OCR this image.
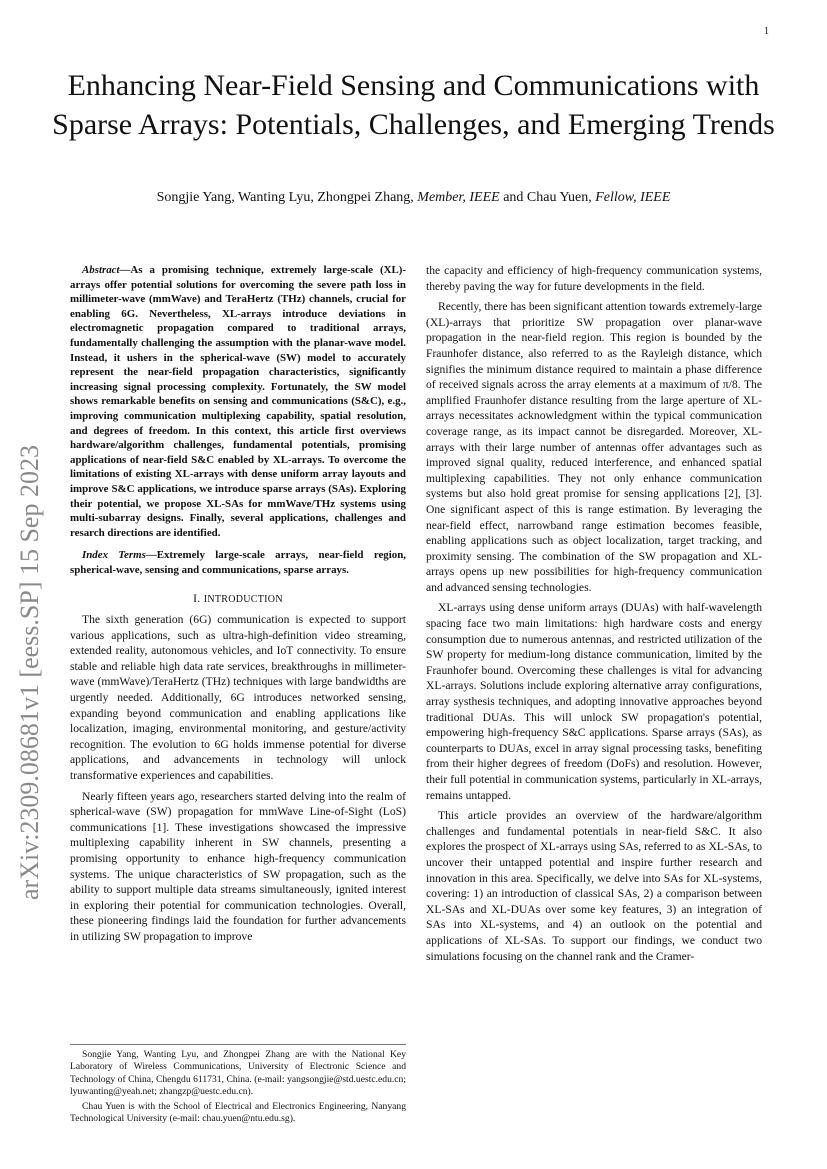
1
arXiv:2309.08681v1 [eess.SP] 15 Sep 2023
Enhancing Near-Field Sensing and Communications with Sparse Arrays: Potentials, Challenges, and Emerging Trends

Songjie Yang, Wanting Lyu, Zhongpei Zhang, Member, IEEE and Chau Yuen, Fellow, IEEE

Abstract—As a promising technique, extremely large-scale (XL)-arrays offer potential solutions for overcoming the severe path loss in millimeter-wave (mmWave) and TeraHertz (THz) channels, crucial for enabling 6G. Nevertheless, XL-arrays introduce deviations in electromagnetic propagation compared to traditional arrays, fundamentally challenging the assumption with the planar-wave model. Instead, it ushers in the spherical-wave (SW) model to accurately represent the near-field propagation characteristics, significantly increasing signal processing complexity. Fortunately, the SW model shows remarkable benefits on sensing and communications (S&C), e.g., improving communication multiplexing capability, spatial resolution, and degrees of freedom. In this context, this article first overviews hardware/algorithm challenges, fundamental potentials, promising applications of near-field S&C enabled by XL-arrays. To overcome the limitations of existing XL-arrays with dense uniform array layouts and improve S&C applications, we introduce sparse arrays (SAs). Exploring their potential, we propose XL-SAs for mmWave/THz systems using multi-subarray designs. Finally, several applications, challenges and resarch directions are identified.

Index Terms—Extremely large-scale arrays, near-field region, spherical-wave, sensing and communications, sparse arrays.

I. INTRODUCTION

The sixth generation (6G) communication is expected to support various applications, such as ultra-high-definition video streaming, extended reality, autonomous vehicles, and IoT connectivity. To ensure stable and reliable high data rate services, breakthroughs in millimeter-wave (mmWave)/TeraHertz (THz) techniques with large bandwidths are urgently needed. Additionally, 6G introduces networked sensing, expanding beyond communication and enabling applications like localization, imaging, environmental monitoring, and gesture/activity recognition. The evolution to 6G holds immense potential for diverse applications, and advancements in technology will unlock transformative experiences and capabilities.

Nearly fifteen years ago, researchers started delving into the realm of spherical-wave (SW) propagation for mmWave Line-of-Sight (LoS) communications [1]. These investigations showcased the impressive multiplexing capability inherent in SW channels, presenting a promising opportunity to enhance high-frequency communication systems. The unique characteristics of SW propagation, such as the ability to support multiple data streams simultaneously, ignited interest in exploring their potential for communication technologies. Overall, these pioneering findings laid the foundation for further advancements in utilizing SW propagation to improve

the capacity and efficiency of high-frequency communication systems, thereby paving the way for future developments in the field.

Recently, there has been significant attention towards extremely-large (XL)-arrays that prioritize SW propagation over planar-wave propagation in the near-field region. This region is bounded by the Fraunhofer distance, also referred to as the Rayleigh distance, which signifies the minimum distance required to maintain a phase difference of received signals across the array elements at a maximum of π/8. The amplified Fraunhofer distance resulting from the large aperture of XL-arrays necessitates acknowledgment within the typical communication coverage range, as its impact cannot be disregarded. Moreover, XL-arrays with their large number of antennas offer advantages such as improved signal quality, reduced interference, and enhanced spatial multiplexing capabilities. They not only enhance communication systems but also hold great promise for sensing applications [2], [3]. One significant aspect of this is range estimation. By leveraging the near-field effect, narrowband range estimation becomes feasible, enabling applications such as object localization, target tracking, and proximity sensing. The combination of the SW propagation and XL-arrays opens up new possibilities for high-frequency communication and advanced sensing technologies.

XL-arrays using dense uniform arrays (DUAs) with half-wavelength spacing face two main limitations: high hardware costs and energy consumption due to numerous antennas, and restricted utilization of the SW property for medium-long distance communication, limited by the Fraunhofer bound. Overcoming these challenges is vital for advancing XL-arrays. Solutions include exploring alternative array configurations, array systhesis techniques, and adopting innovative approaches beyond traditional DUAs. This will unlock SW propagation's potential, empowering high-frequency S&C applications. Sparse arrays (SAs), as counterparts to DUAs, excel in array signal processing tasks, benefiting from their higher degrees of freedom (DoFs) and resolution. However, their full potential in communication systems, particularly in XL-arrays, remains untapped.

This article provides an overview of the hardware/algorithm challenges and fundamental potentials in near-field S&C. It also explores the prospect of XL-arrays using SAs, referred to as XL-SAs, to uncover their untapped potential and inspire further research and innovation in this area. Specifically, we delve into SAs for XL-systems, covering: 1) an introduction of classical SAs, 2) a comparison between XL-SAs and XL-DUAs over some key features, 3) an integration of SAs into XL-systems, and 4) an outlook on the potential and applications of XL-SAs. To support our findings, we conduct two simulations focusing on the channel rank and the Cramer-

Songjie Yang, Wanting Lyu, and Zhongpei Zhang are with the National Key Laboratory of Wireless Communications, University of Electronic Science and Technology of China, Chengdu 611731, China. (e-mail: yangsongjie@std.uestc.edu.cn; lyuwanting@yeah.net; zhangzp@uestc.edu.cn).

Chau Yuen is with the School of Electrical and Electronics Engineering, Nanyang Technological University (e-mail: chau.yuen@ntu.edu.sg).
